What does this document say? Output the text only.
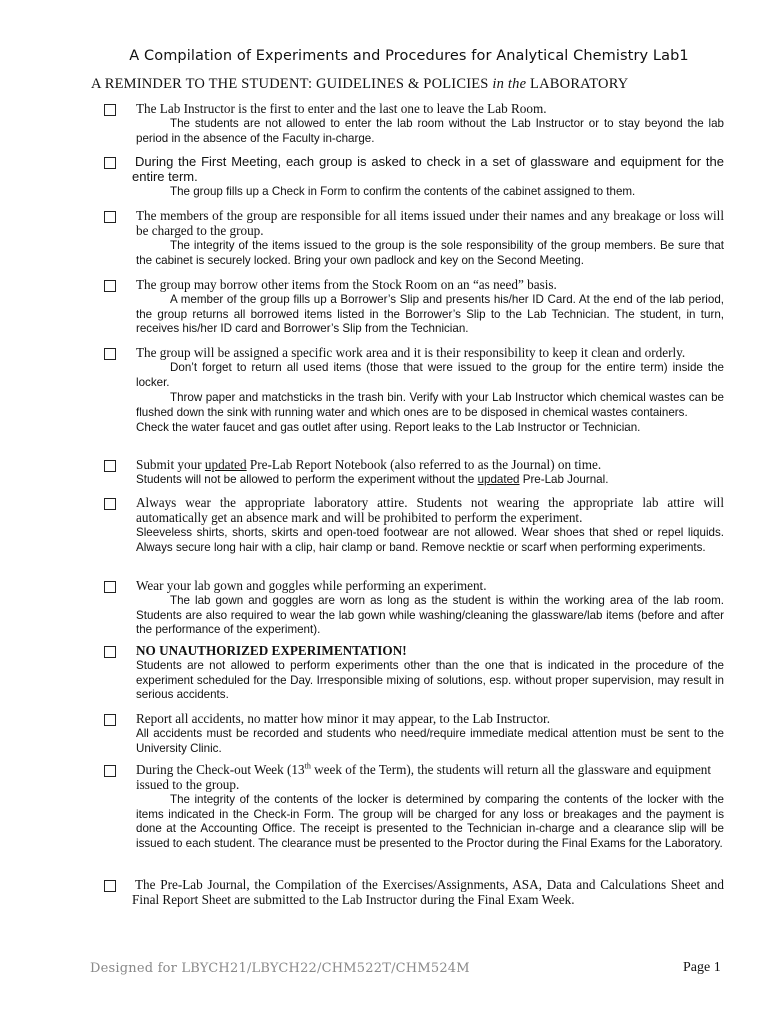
A Compilation of Experiments and Procedures for Analytical Chemistry Lab1
A REMINDER TO THE STUDENT: GUIDELINES & POLICIES in the LABORATORY
The Lab Instructor is the first to enter and the last one to leave the Lab Room.
The students are not allowed to enter the lab room without the Lab Instructor or to stay beyond the lab period in the absence of the Faculty in-charge.
During the First Meeting, each group is asked to check in a set of glassware and equipment for the entire term.
The group fills up a Check in Form to confirm the contents of the cabinet assigned to them.
The members of the group are responsible for all items issued under their names and any breakage or loss will be charged to the group.
The integrity of the items issued to the group is the sole responsibility of the group members. Be sure that the cabinet is securely locked. Bring your own padlock and key on the Second Meeting.
The group may borrow other items from the Stock Room on an “as need” basis.
A member of the group fills up a Borrower’s Slip and presents his/her ID Card. At the end of the lab period, the group returns all borrowed items listed in the Borrower’s Slip to the Lab Technician. The student, in turn, receives his/her ID card and Borrower’s Slip from the Technician.
The group will be assigned a specific work area and it is their responsibility to keep it clean and orderly.
Don’t forget to return all used items (those that were issued to the group for the entire term) inside the locker.
Throw paper and matchsticks in the trash bin. Verify with your Lab Instructor which chemical wastes can be flushed down the sink with running water and which ones are to be disposed in chemical wastes containers.
Check the water faucet and gas outlet after using. Report leaks to the Lab Instructor or Technician.
Submit your updated Pre-Lab Report Notebook (also referred to as the Journal) on time.
Students will not be allowed to perform the experiment without the updated Pre-Lab Journal.
Always wear the appropriate laboratory attire. Students not wearing the appropriate lab attire will automatically get an absence mark and will be prohibited to perform the experiment.
Sleeveless shirts, shorts, skirts and open-toed footwear are not allowed. Wear shoes that shed or repel liquids. Always secure long hair with a clip, hair clamp or band. Remove necktie or scarf when performing experiments.
Wear your lab gown and goggles while performing an experiment.
The lab gown and goggles are worn as long as the student is within the working area of the lab room. Students are also required to wear the lab gown while washing/cleaning the glassware/lab items (before and after the performance of the experiment).
NO UNAUTHORIZED EXPERIMENTATION!
Students are not allowed to perform experiments other than the one that is indicated in the procedure of the experiment scheduled for the Day. Irresponsible mixing of solutions, esp. without proper supervision, may result in serious accidents.
Report all accidents, no matter how minor it may appear, to the Lab Instructor.
All accidents must be recorded and students who need/require immediate medical attention must be sent to the University Clinic.
During the Check-out Week (13th week of the Term), the students will return all the glassware and equipment issued to the group.
The integrity of the contents of the locker is determined by comparing the contents of the locker with the items indicated in the Check-in Form. The group will be charged for any loss or breakages and the payment is done at the Accounting Office. The receipt is presented to the Technician in-charge and a clearance slip will be issued to each student. The clearance must be presented to the Proctor during the Final Exams for the Laboratory.
The Pre-Lab Journal, the Compilation of the Exercises/Assignments, ASA, Data and Calculations Sheet and Final Report Sheet are submitted to the Lab Instructor during the Final Exam Week.
Designed for LBYCH21/LBYCH22/CHM522T/CHM524M	Page 1
